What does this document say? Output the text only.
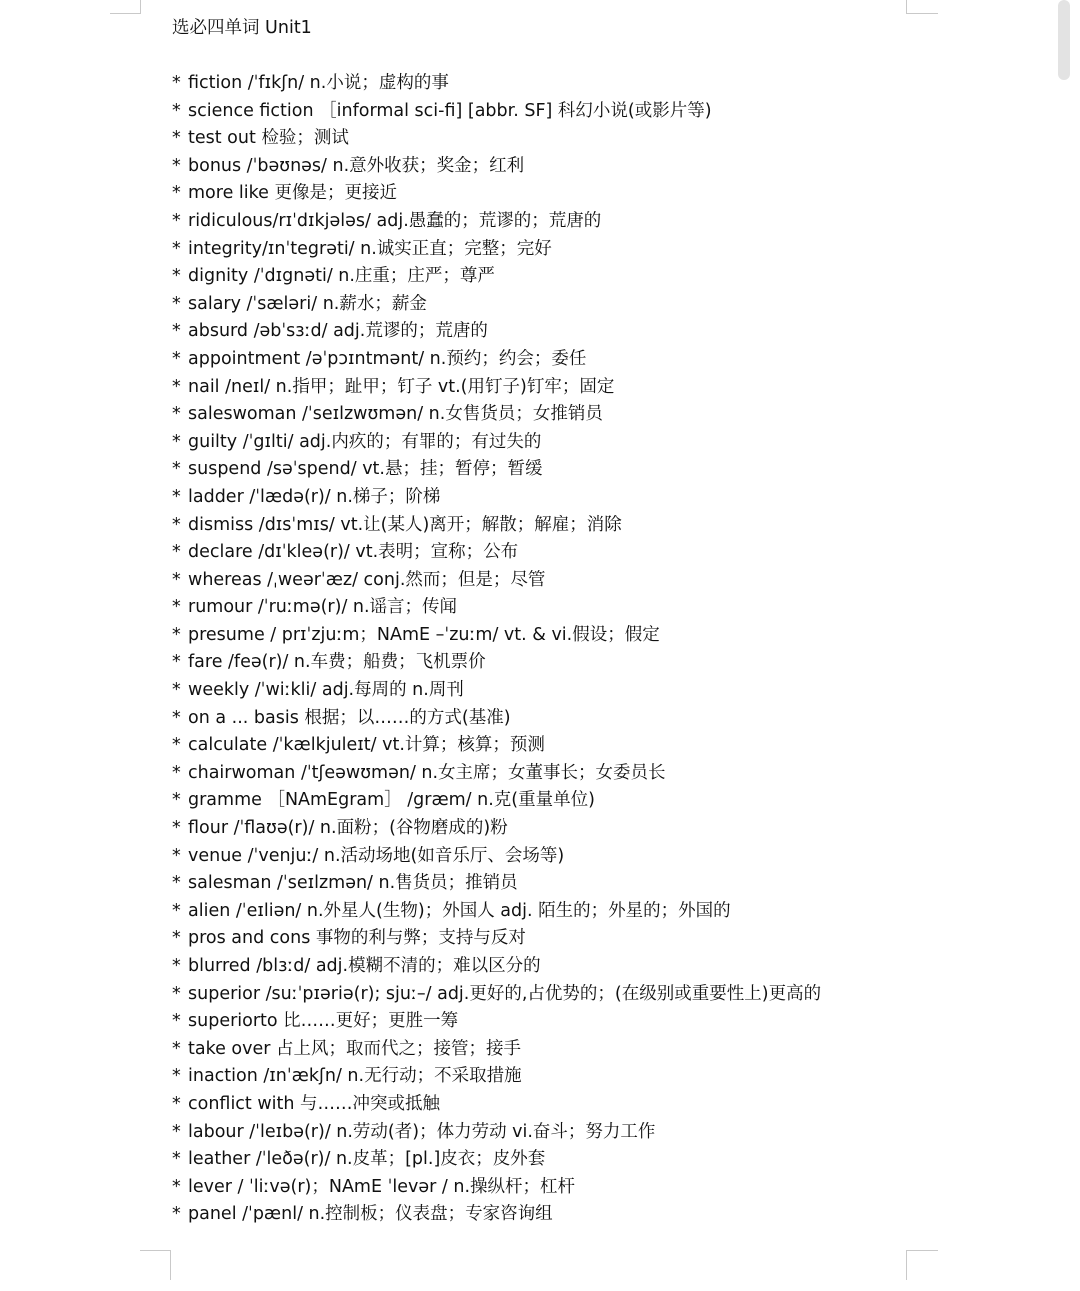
选必四单词 Unit1
* fiction /ˈfɪkʃn/ n.小说；虚构的事
* science fiction ［informal sci-fi] [abbr. SF] 科幻小说(或影片等)
* test out 检验；测试
* bonus /ˈbəʊnəs/ n.意外收获；奖金；红利
* more like 更像是；更接近
* ridiculous/rɪˈdɪkjələs/ adj.愚蠢的；荒谬的；荒唐的
* integrity/ɪnˈtegrəti/ n.诚实正直；完整；完好
* dignity /ˈdɪgnəti/ n.庄重；庄严；尊严
* salary /ˈsæləri/ n.薪水；薪金
* absurd /əbˈsɜːd/ adj.荒谬的；荒唐的
* appointment /əˈpɔɪntmənt/ n.预约；约会；委任
* nail /neɪl/ n.指甲；趾甲；钉子 vt.(用钉子)钉牢；固定
* saleswoman /ˈseɪlzwʊmən/ n.女售货员；女推销员
* guilty /ˈgɪlti/ adj.内疚的；有罪的；有过失的
* suspend /səˈspend/ vt.悬；挂；暂停；暂缓
* ladder /ˈlædə(r)/ n.梯子；阶梯
* dismiss /dɪsˈmɪs/ vt.让(某人)离开；解散；解雇；消除
* declare /dɪˈkleə(r)/ vt.表明；宣称；公布
* whereas /ˌweərˈæz/ conj.然而；但是；尽管
* rumour /ˈruːmə(r)/ n.谣言；传闻
* presume / prɪˈzjuːm；NAmE –ˈzuːm/ vt. & vi.假设；假定
* fare /feə(r)/ n.车费；船费；飞机票价
* weekly /ˈwiːkli/ adj.每周的 n.周刊
* on a ... basis 根据；以……的方式(基准)
* calculate /ˈkælkjuleɪt/ vt.计算；核算；预测
* chairwoman /ˈtʃeəwʊmən/ n.女主席；女董事长；女委员长
* gramme ［NAmEgram］ /græm/ n.克(重量单位)
* flour /ˈflaʊə(r)/ n.面粉；(谷物磨成的)粉
* venue /ˈvenjuː/ n.活动场地(如音乐厅、会场等)
* salesman /ˈseɪlzmən/ n.售货员；推销员
* alien /ˈeɪliən/ n.外星人(生物)；外国人 adj. 陌生的；外星的；外国的
* pros and cons 事物的利与弊；支持与反对
* blurred /blɜːd/ adj.模糊不清的；难以区分的
* superior /suːˈpɪəriə(r); sjuː–/ adj.更好的,占优势的；(在级别或重要性上)更高的
* superiorto 比……更好；更胜一筹
* take over 占上风；取而代之；接管；接手
* inaction /ɪnˈækʃn/ n.无行动；不采取措施
* conflict with 与……冲突或抵触
* labour /ˈleɪbə(r)/ n.劳动(者)；体力劳动 vi.奋斗；努力工作
* leather /ˈleðə(r)/ n.皮革；[pl.]皮衣；皮外套
* lever / ˈliːvə(r)；NAmE ˈlevər / n.操纵杆；杠杆
* panel /ˈpænl/ n.控制板；仪表盘；专家咨询组
